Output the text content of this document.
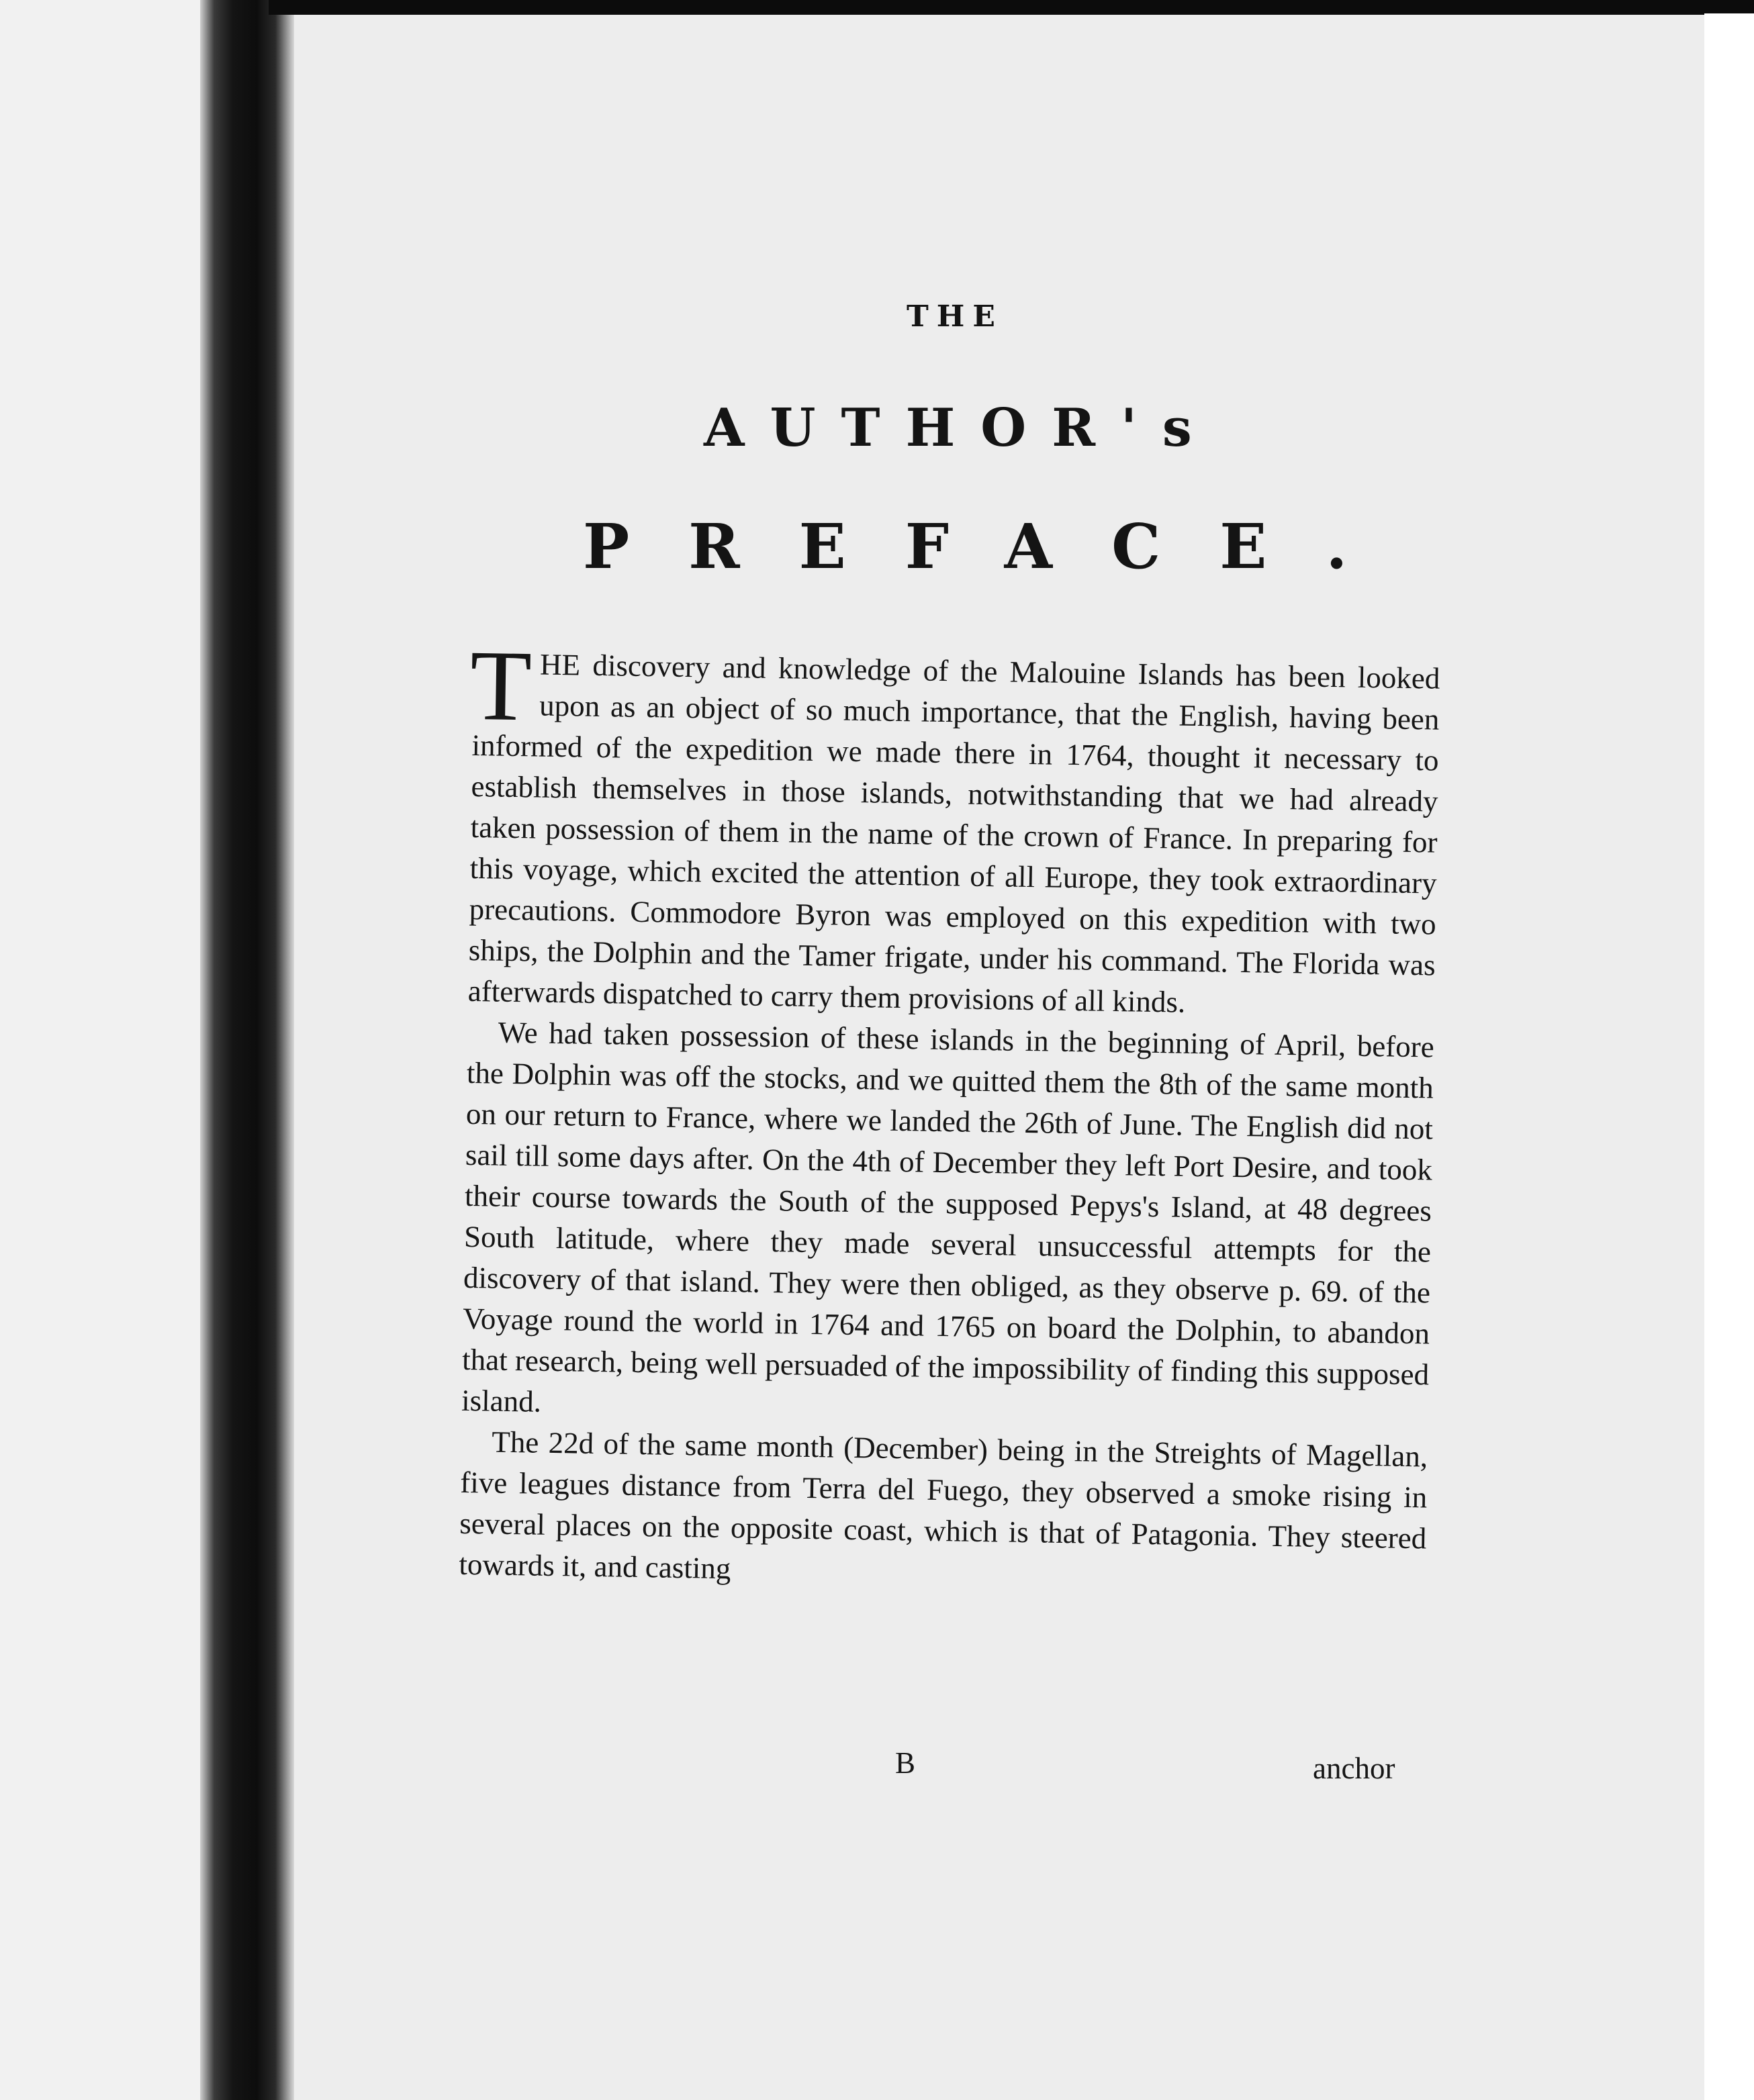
THE

AUTHOR's

PREFACE.

THE discovery and knowledge of the Malouine Islands has been looked upon as an object of so much importance, that the English, having been informed of the expedition we made there in 1764, thought it necessary to establish themselves in those islands, notwithstanding that we had already taken possession of them in the name of the crown of France. In preparing for this voyage, which excited the attention of all Europe, they took extraordinary precautions. Commodore Byron was employed on this expedition with two ships, the Dolphin and the Tamer frigate, under his command. The Florida was afterwards dispatched to carry them provisions of all kinds.

We had taken possession of these islands in the beginning of April, before the Dolphin was off the stocks, and we quitted them the 8th of the same month on our return to France, where we landed the 26th of June. The English did not sail till some days after. On the 4th of December they left Port Desire, and took their course towards the South of the supposed Pepys's Island, at 48 degrees South latitude, where they made several unsuccessful attempts for the discovery of that island. They were then obliged, as they observe p. 69. of the Voyage round the world in 1764 and 1765 on board the Dolphin, to abandon that research, being well persuaded of the impossibility of finding this supposed island.

The 22d of the same month (December) being in the Streights of Magellan, five leagues distance from Terra del Fuego, they observed a smoke rising in several places on the opposite coast, which is that of Patagonia. They steered towards it, and casting

B	anchor
